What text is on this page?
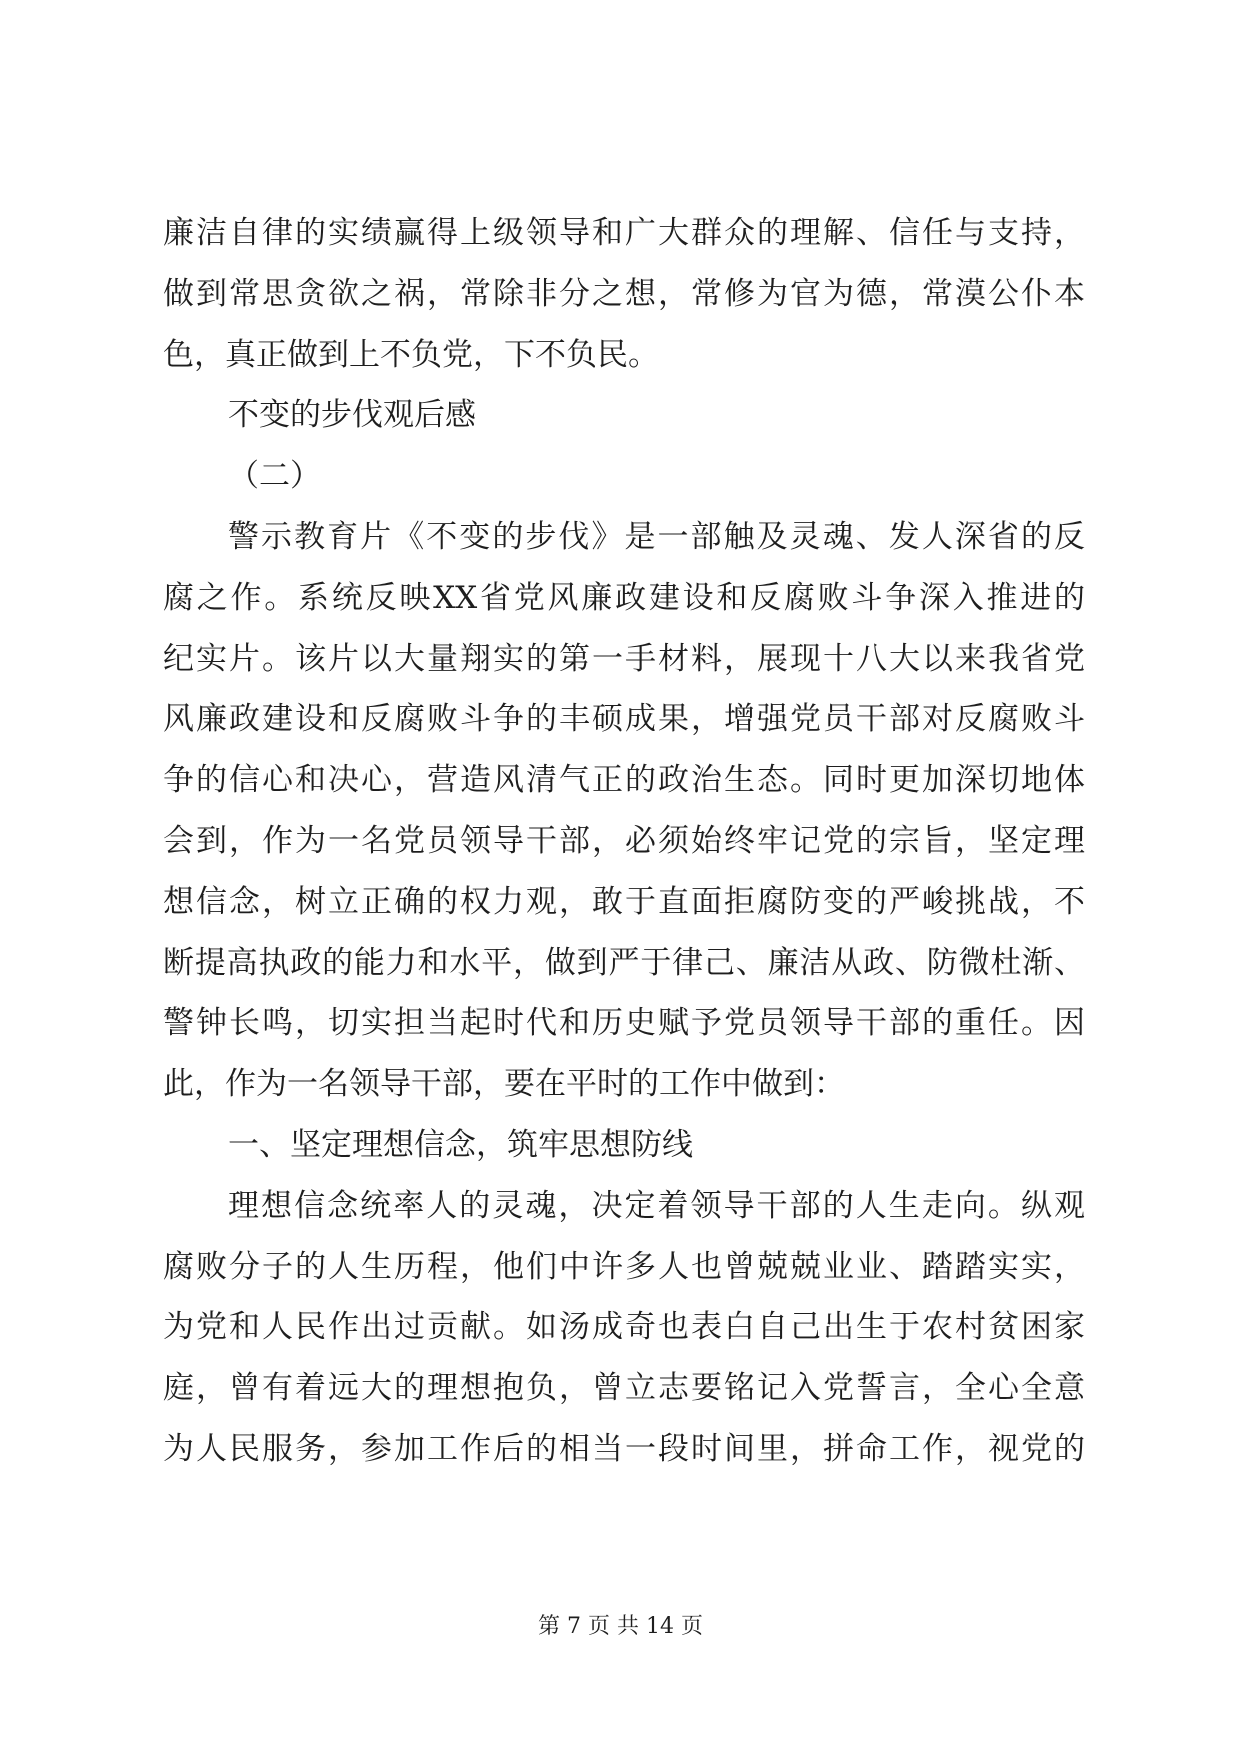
廉洁自律的实绩赢得上级领导和广大群众的理解、信任与支持，
做到常思贪欲之祸，常除非分之想，常修为官为德，常漠公仆本
色，真正做到上不负党，下不负民。
不变的步伐观后感
（二）
警示教育片《不变的步伐》是一部触及灵魂、发人深省的反
腐之作。系统反映XX省党风廉政建设和反腐败斗争深入推进的
纪实片。该片以大量翔实的第一手材料，展现十八大以来我省党
风廉政建设和反腐败斗争的丰硕成果，增强党员干部对反腐败斗
争的信心和决心，营造风清气正的政治生态。同时更加深切地体
会到，作为一名党员领导干部，必须始终牢记党的宗旨，坚定理
想信念，树立正确的权力观，敢于直面拒腐防变的严峻挑战，不
断提高执政的能力和水平，做到严于律己、廉洁从政、防微杜渐、
警钟长鸣，切实担当起时代和历史赋予党员领导干部的重任。因
此，作为一名领导干部，要在平时的工作中做到：
一、坚定理想信念，筑牢思想防线
理想信念统率人的灵魂，决定着领导干部的人生走向。纵观
腐败分子的人生历程，他们中许多人也曾兢兢业业、踏踏实实，
为党和人民作出过贡献。如汤成奇也表白自己出生于农村贫困家
庭，曾有着远大的理想抱负，曾立志要铭记入党誓言，全心全意
为人民服务，参加工作后的相当一段时间里，拼命工作，视党的
第 7 页 共 14 页
